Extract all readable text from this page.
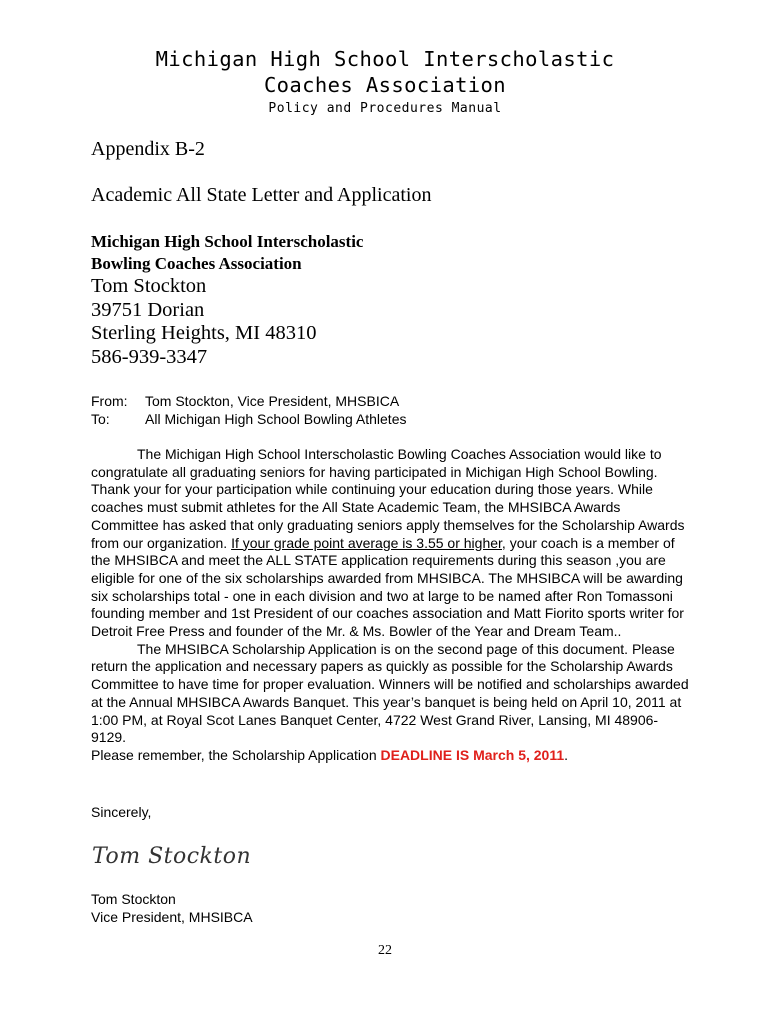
Michigan High School Interscholastic
Coaches Association
Policy and Procedures Manual
Appendix B-2
Academic All State Letter and Application
Michigan High School Interscholastic
Bowling Coaches Association
Tom Stockton
39751 Dorian
Sterling Heights, MI 48310
586-939-3347
From:	Tom Stockton, Vice President, MHSBICA
To:	All Michigan High School Bowling Athletes

The Michigan High School Interscholastic Bowling Coaches Association would like to congratulate all graduating seniors for having participated in Michigan High School Bowling. Thank your for your participation while continuing your education during those years. While coaches must submit athletes for the All State Academic Team, the MHSIBCA Awards Committee has asked that only graduating seniors apply themselves for the Scholarship Awards from our organization. If your grade point average is 3.55 or higher, your coach is a member of the MHSIBCA and meet the ALL STATE application requirements during this season ,you are eligible for one of the six scholarships awarded from MHSIBCA. The MHSIBCA will be awarding six scholarships total - one in each division and two at large to be named after Ron Tomassoni founding member and 1st President of our coaches association and Matt Fiorito sports writer for Detroit Free Press and founder of the Mr. & Ms. Bowler of the Year and Dream Team..

The MHSIBCA Scholarship Application is on the second page of this document. Please return the application and necessary papers as quickly as possible for the Scholarship Awards Committee to have time for proper evaluation. Winners will be notified and scholarships awarded at the Annual MHSIBCA Awards Banquet. This year’s banquet is being held on April 10, 2011 at 1:00 PM, at Royal Scot Lanes Banquet Center, 4722 West Grand River, Lansing, MI 48906-9129.

Please remember, the Scholarship Application DEADLINE IS March 5, 2011.

Sincerely,
Tom Stockton
Tom Stockton
Vice President, MHSIBCA
22
